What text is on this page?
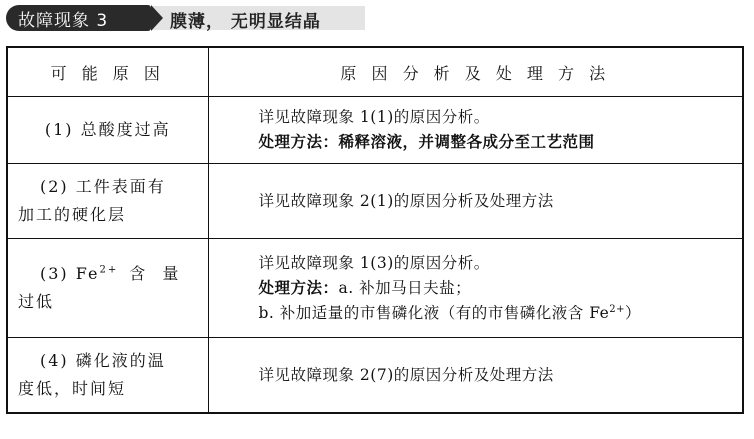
故障现象 3	膜薄， 无明显结晶
可 能 原 因	原 因 分 析 及 处 理 方 法

(1) 总酸度过高	详见故障现象 1(1)的原因分析。
处理方法：稀释溶液，并调整各成分至工艺范围

(2) 工件表面有
加工的硬化层	详见故障现象 2(1)的原因分析及处理方法

(3) $Fe^{2+}$ 含 量
过低	详见故障现象 1(3)的原因分析。
处理方法：a. 补加马日夫盐；
b. 补加适量的市售磷化液（有的市售磷化液含 $Fe^{2+}$）

(4) 磷化液的温
度低，时间短	详见故障现象 2(7)的原因分析及处理方法
